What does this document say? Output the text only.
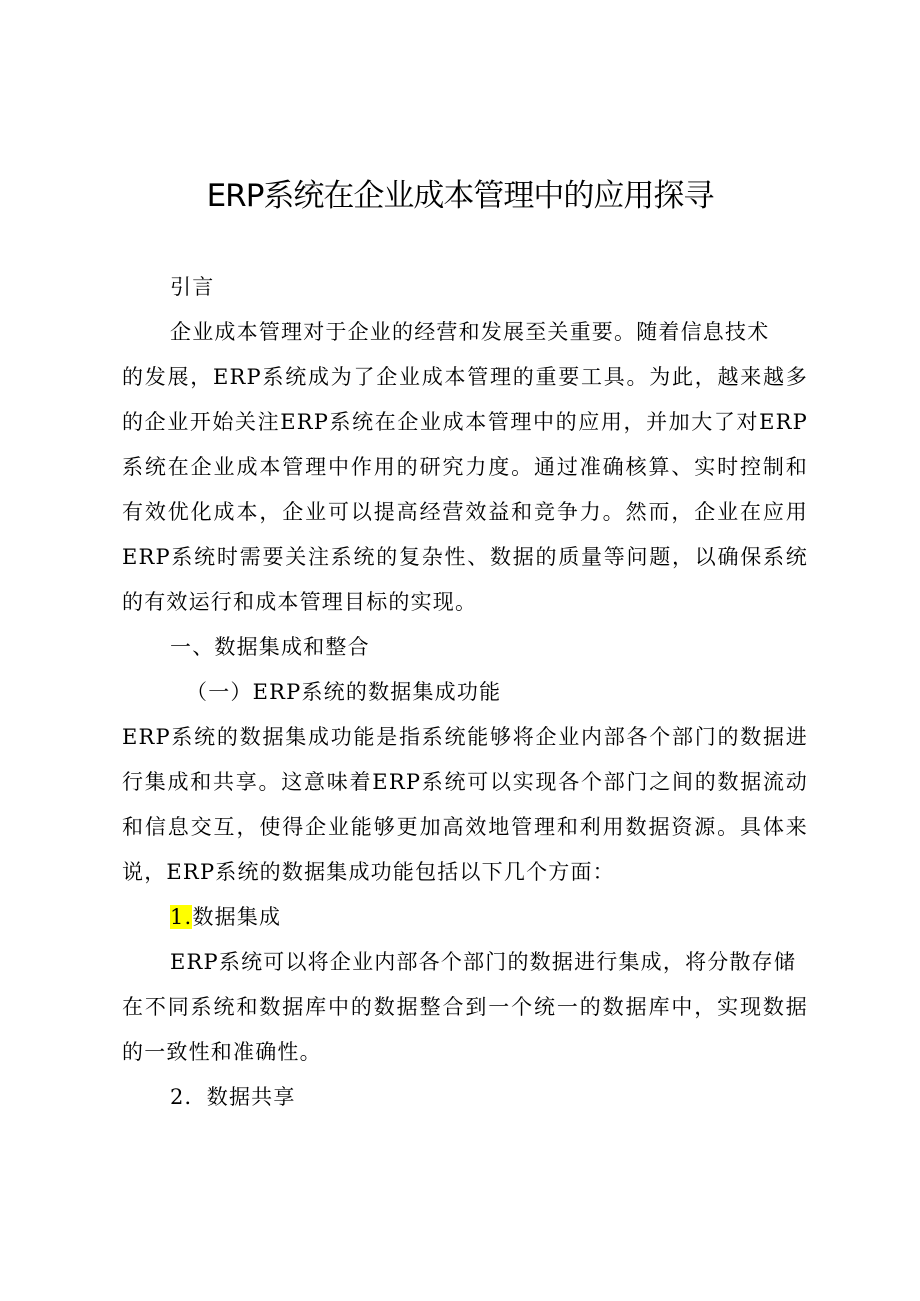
ERP系统在企业成本管理中的应用探寻
引言
企业成本管理对于企业的经营和发展至关重要。随着信息技术
的发展，ERP系统成为了企业成本管理的重要工具。为此，越来越多
的企业开始关注ERP系统在企业成本管理中的应用，并加大了对ERP
系统在企业成本管理中作用的研究力度。通过准确核算、实时控制和
有效优化成本，企业可以提高经营效益和竞争力。然而，企业在应用
ERP系统时需要关注系统的复杂性、数据的质量等问题，以确保系统
的有效运行和成本管理目标的实现。
一、数据集成和整合
（一）ERP系统的数据集成功能
ERP系统的数据集成功能是指系统能够将企业内部各个部门的数据进
行集成和共享。这意味着ERP系统可以实现各个部门之间的数据流动
和信息交互，使得企业能够更加高效地管理和利用数据资源。具体来
说，ERP系统的数据集成功能包括以下几个方面：
1.数据集成
ERP系统可以将企业内部各个部门的数据进行集成，将分散存储
在不同系统和数据库中的数据整合到一个统一的数据库中，实现数据
的一致性和准确性。
2．数据共享
